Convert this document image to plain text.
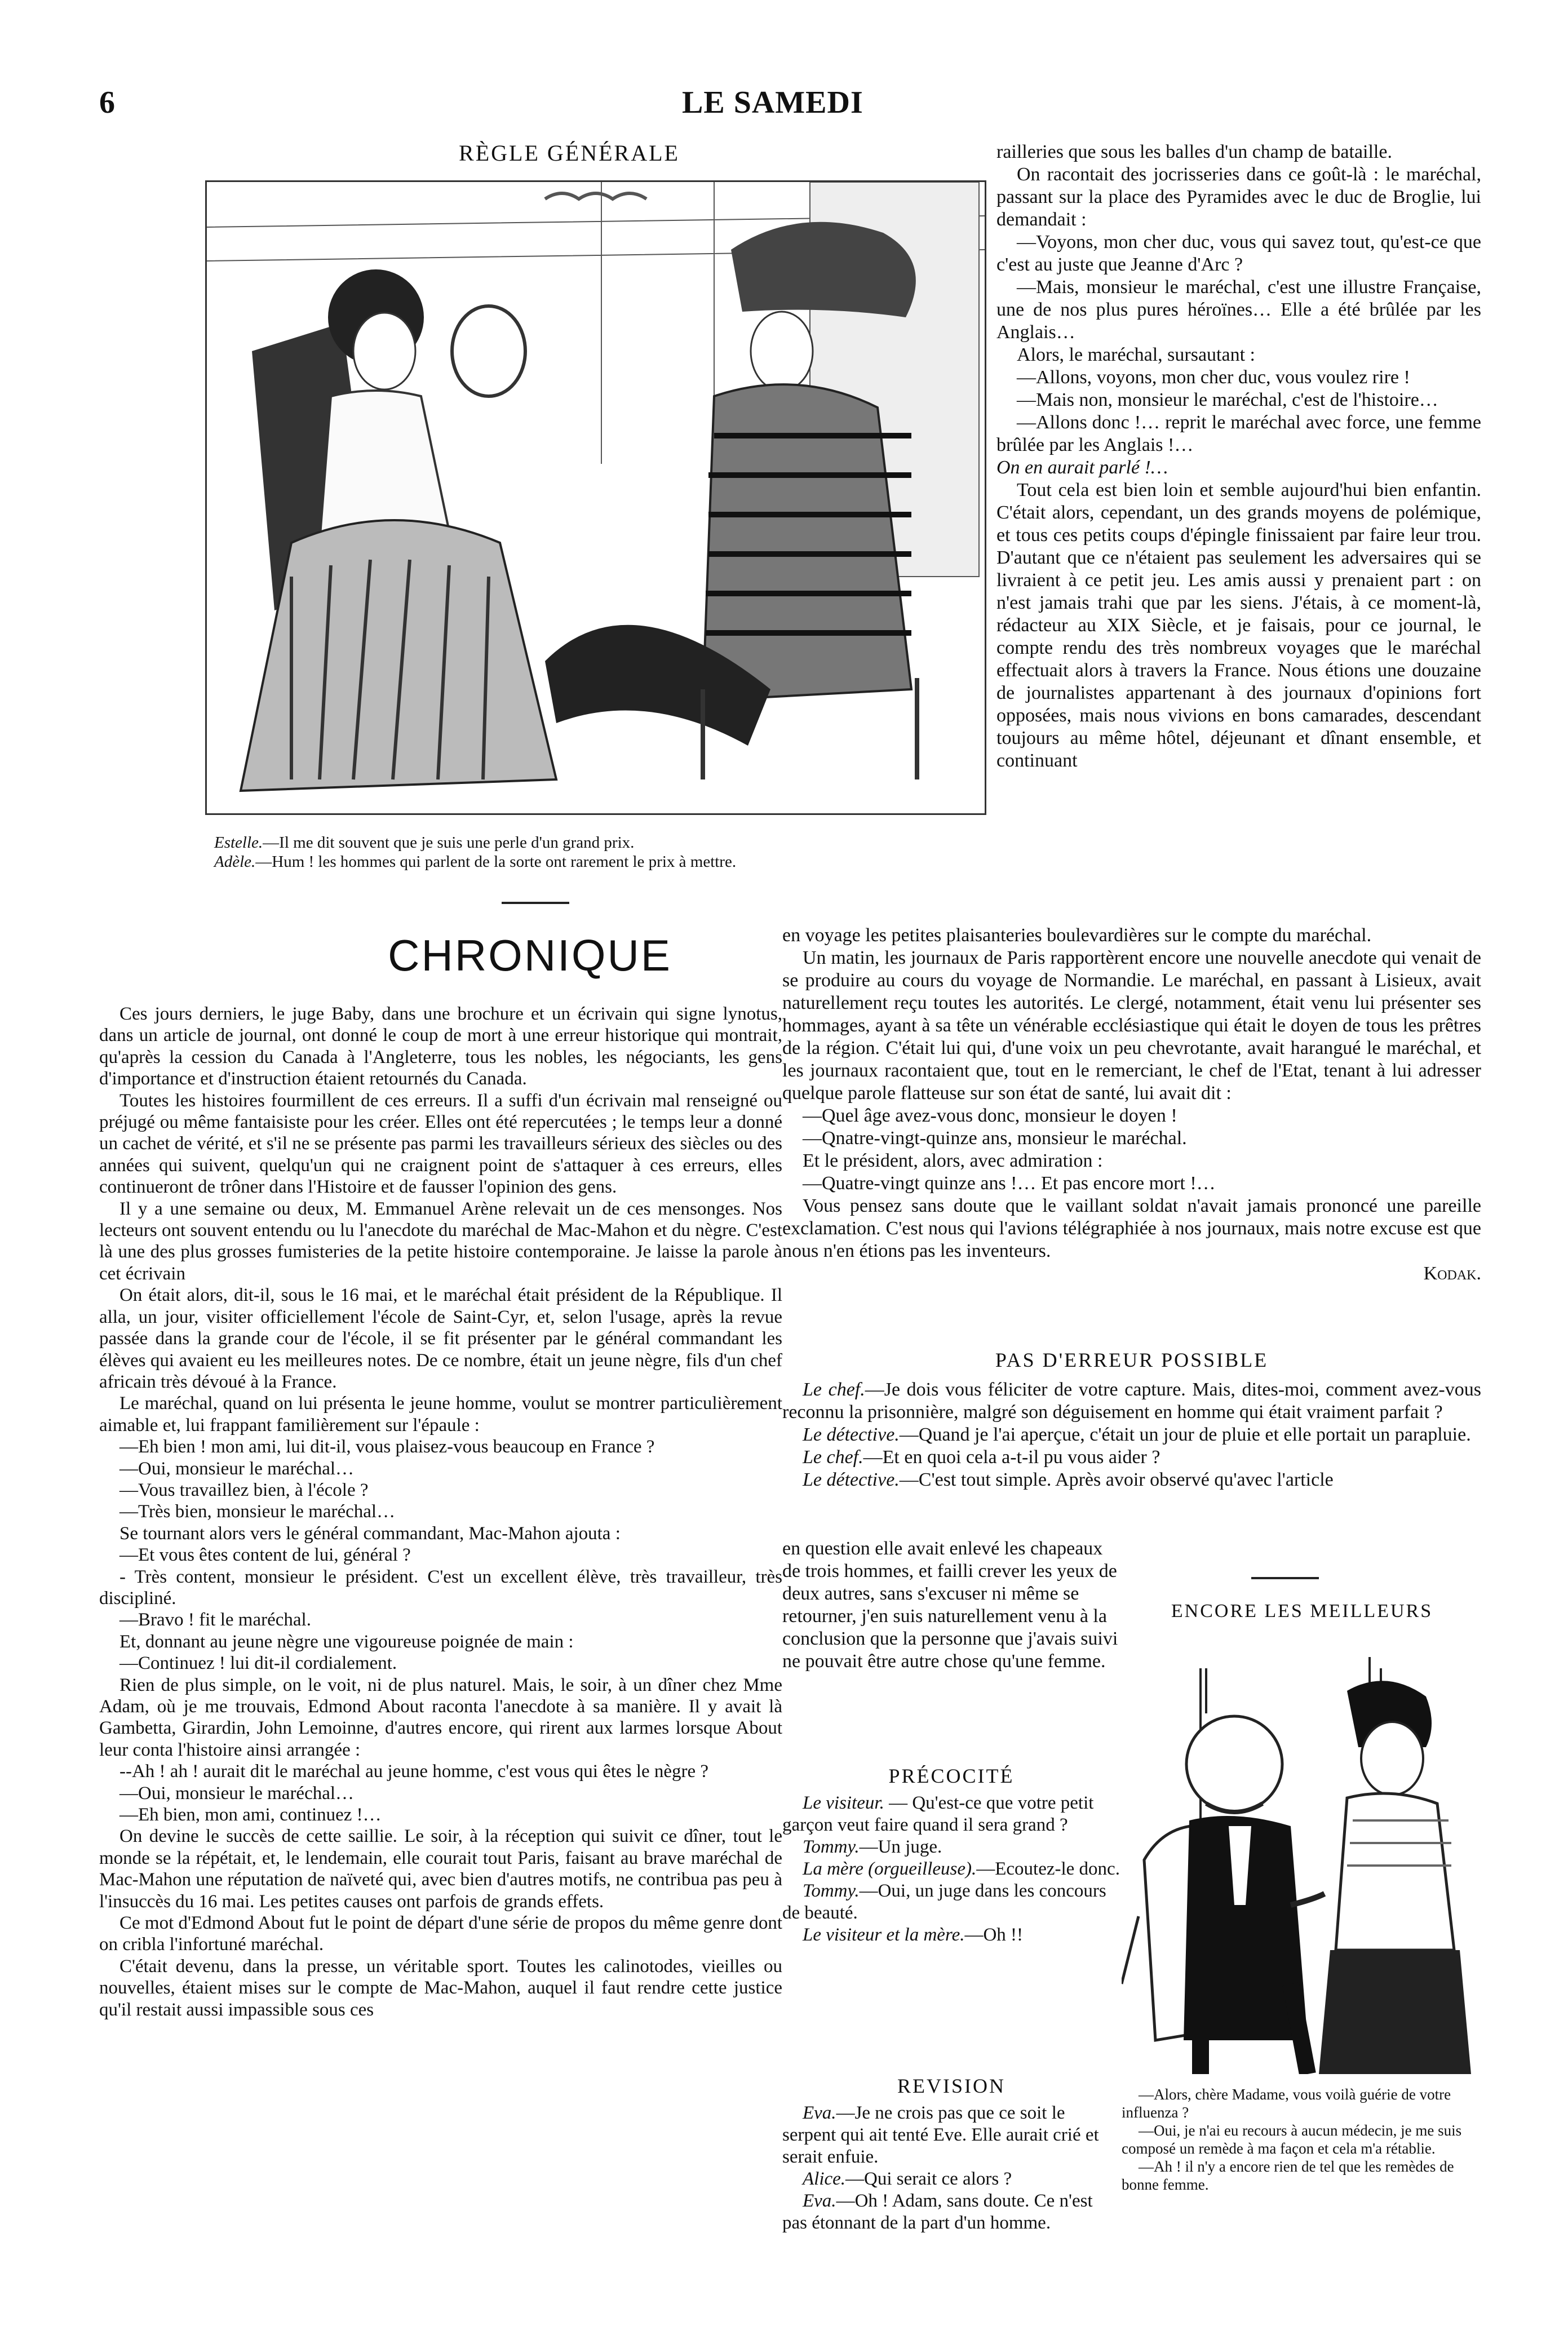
6	LE SAMEDI
RÈGLE GÉNÉRALE

Estelle.—Il me dit souvent que je suis une perle d'un grand prix.

Adèle.—Hum ! les hommes qui parlent de la sorte ont rarement le prix à mettre.

CHRONIQUE

Ces jours derniers, le juge Baby, dans une brochure et un écrivain qui signe lynotus, dans un article de journal, ont donné le coup de mort à une erreur historique qui montrait, qu'après la cession du Canada à l'Angleterre, tous les nobles, les négociants, les gens d'importance et d'instruction étaient retournés du Canada.

Toutes les histoires fourmillent de ces erreurs. Il a suffi d'un écrivain mal renseigné ou préjugé ou même fantaisiste pour les créer. Elles ont été repercutées ; le temps leur a donné un cachet de vérité, et s'il ne se présente pas parmi les travailleurs sérieux des siècles ou des années qui suivent, quelqu'un qui ne craignent point de s'attaquer à ces erreurs, elles continueront de trôner dans l'Histoire et de fausser l'opinion des gens.

Il y a une semaine ou deux, M. Emmanuel Arène relevait un de ces mensonges. Nos lecteurs ont souvent entendu ou lu l'anecdote du maréchal de Mac-Mahon et du nègre. C'est là une des plus grosses fumisteries de la petite histoire contemporaine. Je laisse la parole à cet écrivain

On était alors, dit-il, sous le 16 mai, et le maréchal était président de la République. Il alla, un jour, visiter officiellement l'école de Saint-Cyr, et, selon l'usage, après la revue passée dans la grande cour de l'école, il se fit présenter par le général commandant les élèves qui avaient eu les meilleures notes. De ce nombre, était un jeune nègre, fils d'un chef africain très dévoué à la France.

Le maréchal, quand on lui présenta le jeune homme, voulut se montrer particulièrement aimable et, lui frappant familièrement sur l'épaule :

—Eh bien ! mon ami, lui dit-il, vous plaisez-vous beaucoup en France ?

—Oui, monsieur le maréchal…

—Vous travaillez bien, à l'école ?

—Très bien, monsieur le maréchal…

Se tournant alors vers le général commandant, Mac-Mahon ajouta :

—Et vous êtes content de lui, général ?

- Très content, monsieur le président. C'est un excellent élève, très travailleur, très discipliné.

—Bravo ! fit le maréchal.

Et, donnant au jeune nègre une vigoureuse poignée de main :

—Continuez ! lui dit-il cordialement.

Rien de plus simple, on le voit, ni de plus naturel. Mais, le soir, à un dîner chez Mme Adam, où je me trouvais, Edmond About raconta l'anecdote à sa manière. Il y avait là Gambetta, Girardin, John Lemoinne, d'autres encore, qui rirent aux larmes lorsque About leur conta l'histoire ainsi arrangée :

--Ah ! ah ! aurait dit le maréchal au jeune homme, c'est vous qui êtes le nègre ?

—Oui, monsieur le maréchal…

—Eh bien, mon ami, continuez !…

On devine le succès de cette saillie. Le soir, à la réception qui suivit ce dîner, tout le monde se la répétait, et, le lendemain, elle courait tout Paris, faisant au brave maréchal de Mac-Mahon une réputation de naïveté qui, avec bien d'autres motifs, ne contribua pas peu à l'insuccès du 16 mai. Les petites causes ont parfois de grands effets.

Ce mot d'Edmond About fut le point de départ d'une série de propos du même genre dont on cribla l'infortuné maréchal.

C'était devenu, dans la presse, un véritable sport. Toutes les calinotodes, vieilles ou nouvelles, étaient mises sur le compte de Mac-Mahon, auquel il faut rendre cette justice qu'il restait aussi impassible sous ces

railleries que sous les balles d'un champ de bataille.

On racontait des jocrisseries dans ce goût-là : le maréchal, passant sur la place des Pyramides avec le duc de Broglie, lui demandait :

—Voyons, mon cher duc, vous qui savez tout, qu'est-ce que c'est au juste que Jeanne d'Arc ?

—Mais, monsieur le maréchal, c'est une illustre Française, une de nos plus pures héroïnes… Elle a été brûlée par les Anglais…

Alors, le maréchal, sursautant :

—Allons, voyons, mon cher duc, vous voulez rire !

—Mais non, monsieur le maréchal, c'est de l'histoire…

—Allons donc !… reprit le maréchal avec force, une femme brûlée par les Anglais !…

On en aurait parlé !…

Tout cela est bien loin et semble aujourd'hui bien enfantin. C'était alors, cependant, un des grands moyens de polémique, et tous ces petits coups d'épingle finissaient par faire leur trou. D'autant que ce n'étaient pas seulement les adversaires qui se livraient à ce petit jeu. Les amis aussi y prenaient part : on n'est jamais trahi que par les siens. J'étais, à ce moment-là, rédacteur au XIX Siècle, et je faisais, pour ce journal, le compte rendu des très nombreux voyages que le maréchal effectuait alors à travers la France. Nous étions une douzaine de journalistes appartenant à des journaux d'opinions fort opposées, mais nous vivions en bons camarades, descendant toujours au même hôtel, déjeunant et dînant ensemble, et continuant

en voyage les petites plaisanteries boulevardières sur le compte du maréchal.

Un matin, les journaux de Paris rapportèrent encore une nouvelle anecdote qui venait de se produire au cours du voyage de Normandie. Le maréchal, en passant à Lisieux, avait naturellement reçu toutes les autorités. Le clergé, notamment, était venu lui présenter ses hommages, ayant à sa tête un vénérable ecclésiastique qui était le doyen de tous les prêtres de la région. C'était lui qui, d'une voix un peu chevrotante, avait harangué le maréchal, et les journaux racontaient que, tout en le remerciant, le chef de l'Etat, tenant à lui adresser quelque parole flatteuse sur son état de santé, lui avait dit :

—Quel âge avez-vous donc, monsieur le doyen !

—Qnatre-vingt-quinze ans, monsieur le maréchal.

Et le président, alors, avec admiration :

—Quatre-vingt quinze ans !… Et pas encore mort !…

Vous pensez sans doute que le vaillant soldat n'avait jamais prononcé une pareille exclamation. C'est nous qui l'avions télégraphiée à nos journaux, mais notre excuse est que nous n'en étions pas les inventeurs.

Kodak.

PAS D'ERREUR POSSIBLE

Le chef.—Je dois vous féliciter de votre capture. Mais, dites-moi, comment avez-vous reconnu la prisonnière, malgré son déguisement en homme qui était vraiment parfait ?

Le détective.—Quand je l'ai aperçue, c'était un jour de pluie et elle portait un parapluie.

Le chef.—Et en quoi cela a-t-il pu vous aider ?

Le détective.—C'est tout simple. Après avoir observé qu'avec l'article

en question elle avait enlevé les chapeaux de trois hommes, et failli crever les yeux de deux autres, sans s'excuser ni même se retourner, j'en suis naturellement venu à la conclusion que la personne que j'avais suivi ne pouvait être autre chose qu'une femme.

PRÉCOCITÉ

Le visiteur. — Qu'est-ce que votre petit garçon veut faire quand il sera grand ?

Tommy.—Un juge.

La mère (orgueilleuse).—Ecoutez-le donc.

Tommy.—Oui, un juge dans les concours de beauté.

Le visiteur et la mère.—Oh !!

REVISION

Eva.—Je ne crois pas que ce soit le serpent qui ait tenté Eve. Elle aurait crié et serait enfuie.

Alice.—Qui serait ce alors ?

Eva.—Oh ! Adam, sans doute. Ce n'est pas étonnant de la part d'un homme.

ENCORE LES MEILLEURS

—Alors, chère Madame, vous voilà guérie de votre influenza ?

—Oui, je n'ai eu recours à aucun médecin, je me suis composé un remède à ma façon et cela m'a rétablie.

—Ah ! il n'y a encore rien de tel que les remèdes de bonne femme.
